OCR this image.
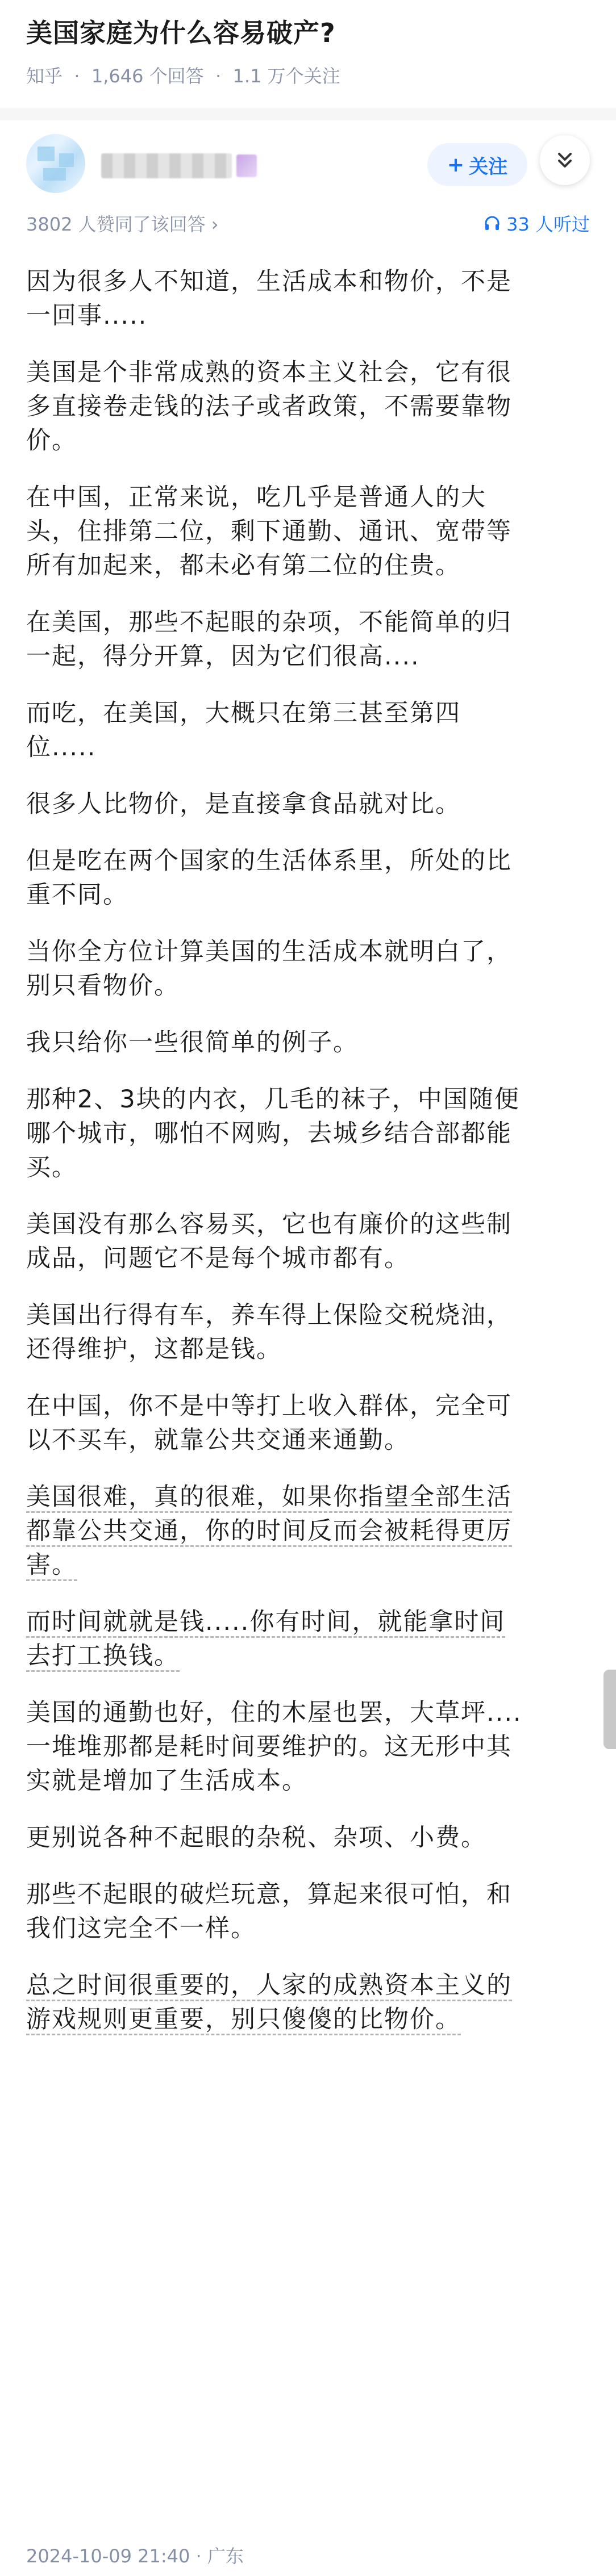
美国家庭为什么容易破产?
知乎  ·  1,646 个回答  ·  1.1 万个关注
+ 关注
3802 人赞同了该回答 ›	33 人听过

因为很多人不知道，生活成本和物价，不是

一回事.....

美国是个非常成熟的资本主义社会，它有很

多直接卷走钱的法子或者政策，不需要靠物

价。

在中国，正常来说，吃几乎是普通人的大

头，住排第二位，剩下通勤、通讯、宽带等

所有加起来，都未必有第二位的住贵。

在美国，那些不起眼的杂项，不能简单的归

一起，得分开算，因为它们很高....

而吃，在美国，大概只在第三甚至第四

位.....

很多人比物价，是直接拿食品就对比。

但是吃在两个国家的生活体系里，所处的比

重不同。

当你全方位计算美国的生活成本就明白了，

别只看物价。

我只给你一些很简单的例子。

那种2、3块的内衣，几毛的袜子，中国随便

哪个城市，哪怕不网购，去城乡结合部都能

买。

美国没有那么容易买，它也有廉价的这些制

成品，问题它不是每个城市都有。

美国出行得有车，养车得上保险交税烧油，

还得维护，这都是钱。

在中国，你不是中等打上收入群体，完全可

以不买车，就靠公共交通来通勤。

美国很难，真的很难，如果你指望全部生活

都靠公共交通，你的时间反而会被耗得更厉

害。

而时间就就是钱.....你有时间，就能拿时间

去打工换钱。

美国的通勤也好，住的木屋也罢，大草坪....

一堆堆那都是耗时间要维护的。这无形中其

实就是增加了生活成本。

更别说各种不起眼的杂税、杂项、小费。

那些不起眼的破烂玩意，算起来很可怕，和

我们这完全不一样。

总之时间很重要的，人家的成熟资本主义的

游戏规则更重要，别只傻傻的比物价。

2024-10-09 21:40 · 广东
